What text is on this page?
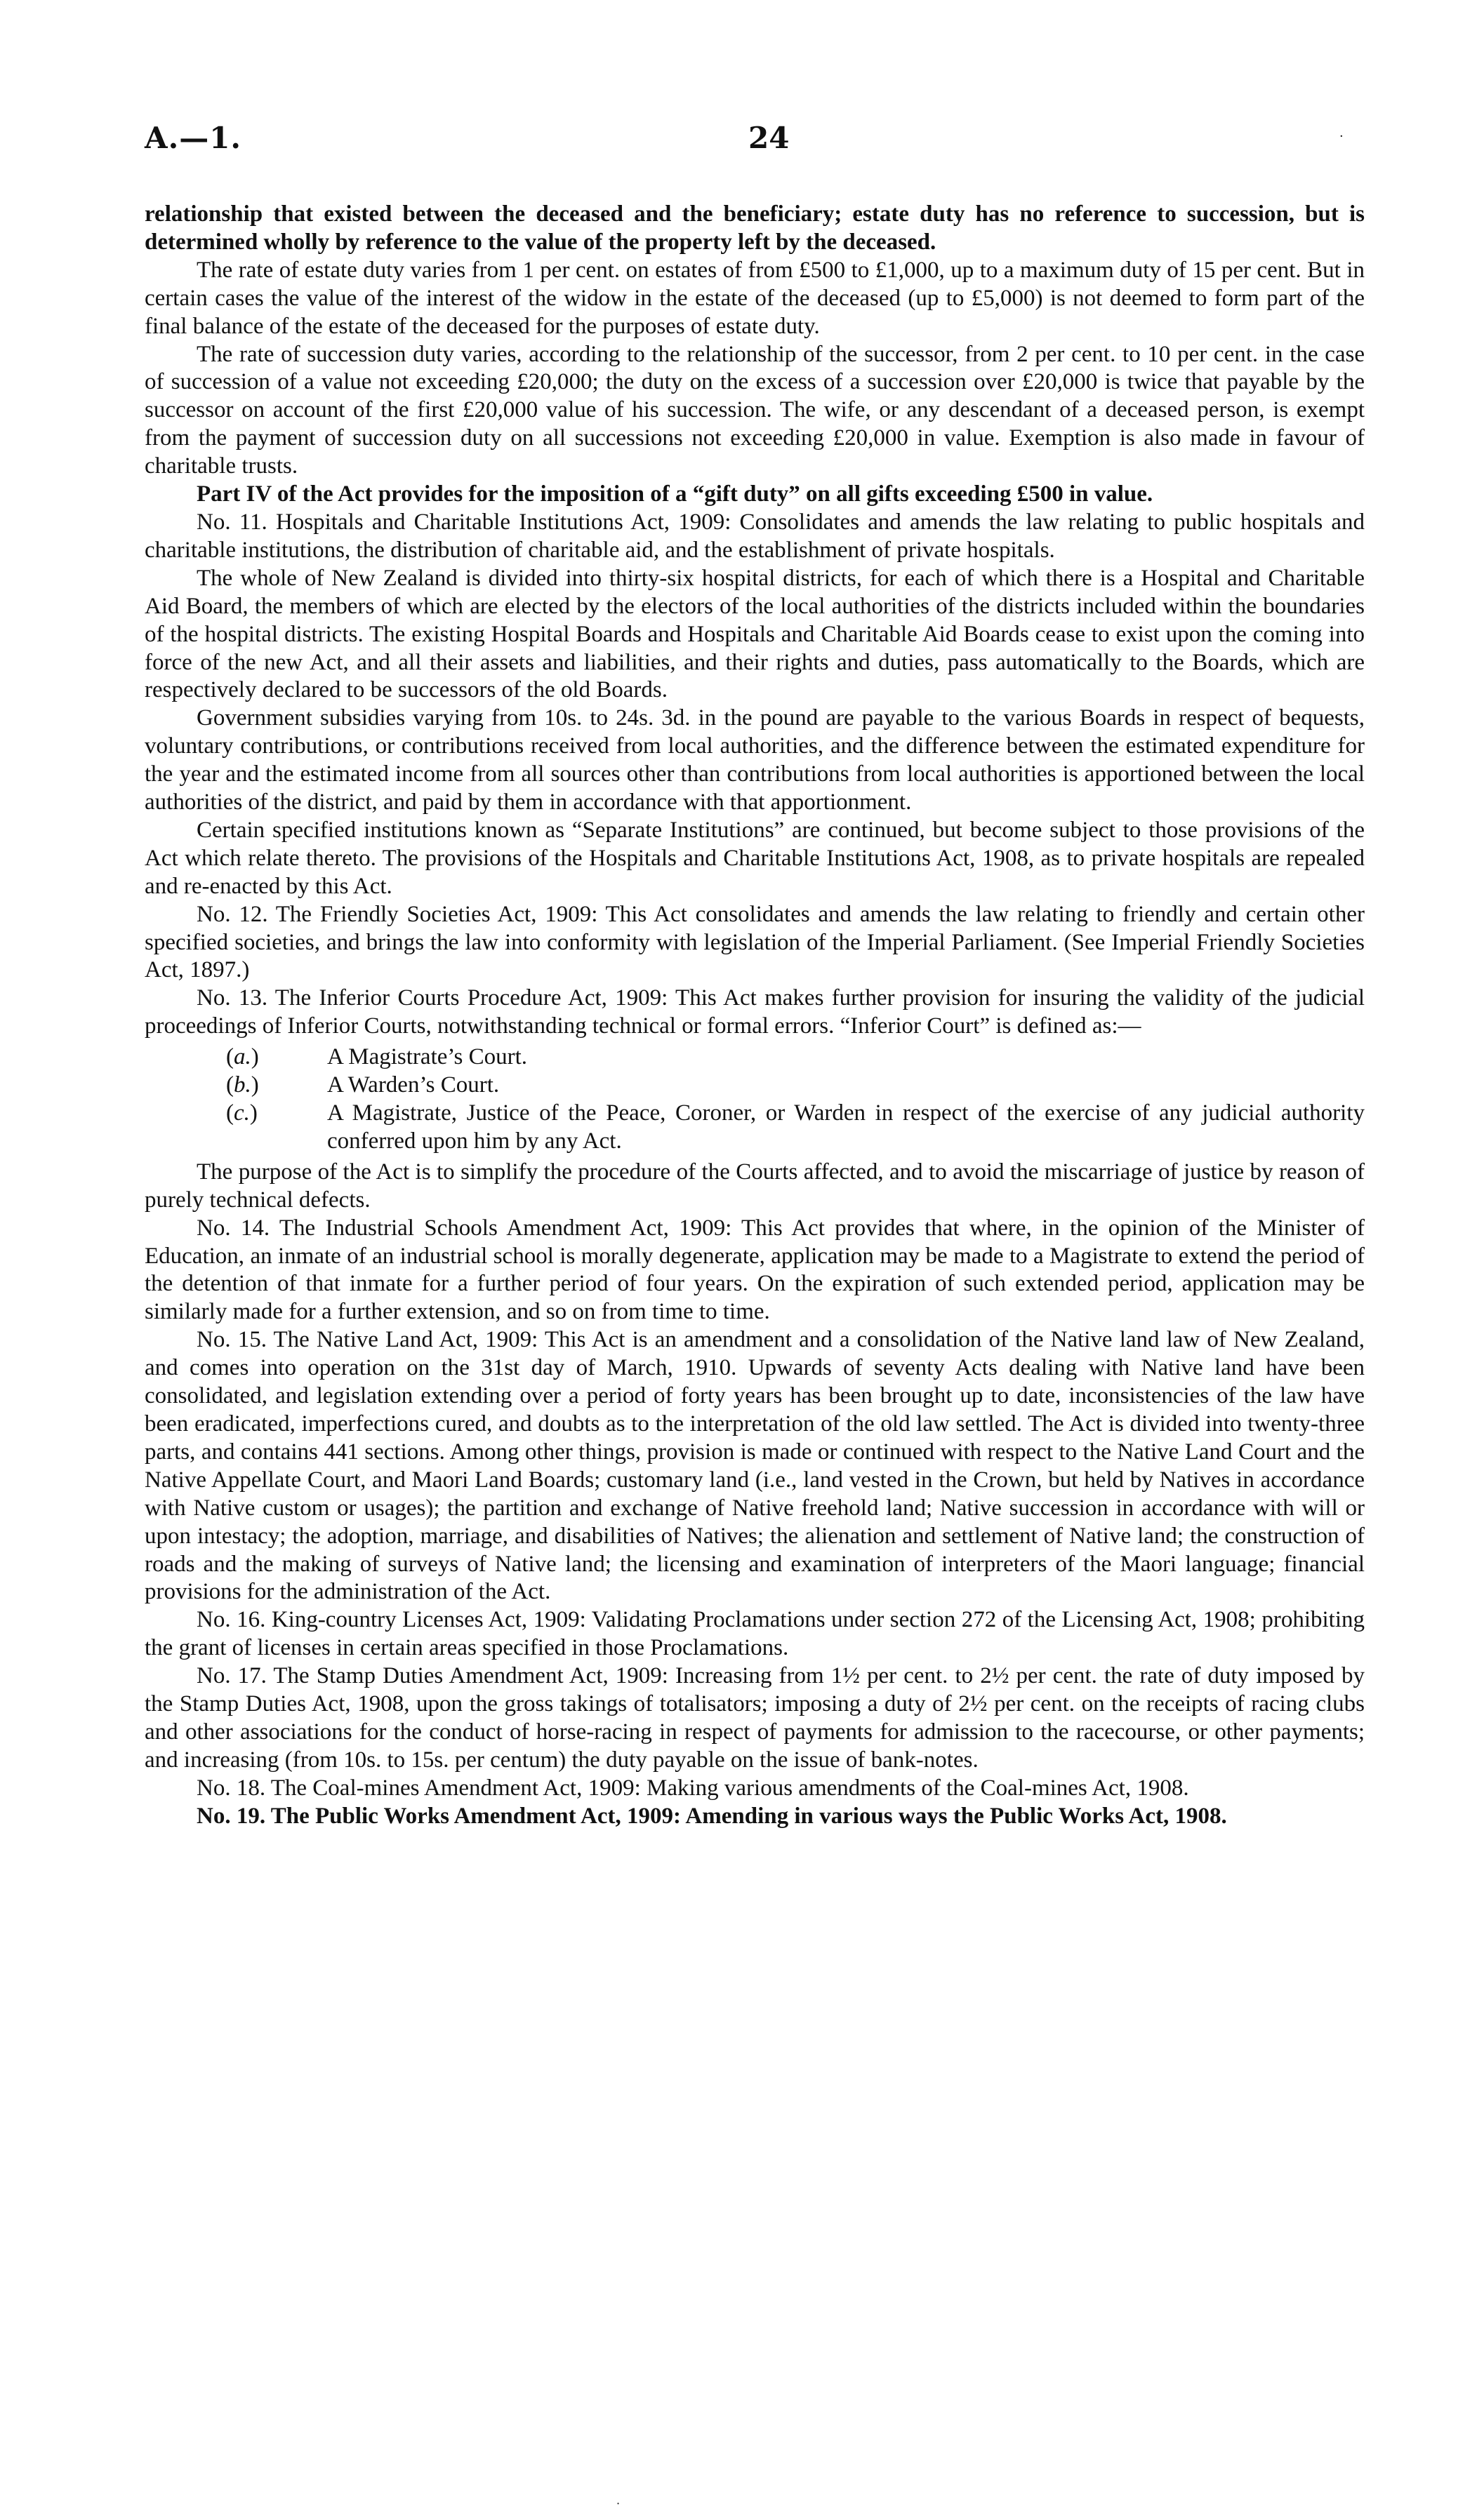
A.—1.	24	·

relationship that existed between the deceased and the beneficiary; estate duty has no reference to succession, but is determined wholly by reference to the value of the property left by the deceased.

The rate of estate duty varies from 1 per cent. on estates of from £500 to £1,000, up to a maximum duty of 15 per cent. But in certain cases the value of the interest of the widow in the estate of the deceased (up to £5,000) is not deemed to form part of the final balance of the estate of the deceased for the purposes of estate duty.

The rate of succession duty varies, according to the relationship of the successor, from 2 per cent. to 10 per cent. in the case of succession of a value not exceeding £20,000; the duty on the excess of a succession over £20,000 is twice that payable by the successor on account of the first £20,000 value of his succession. The wife, or any descendant of a deceased person, is exempt from the payment of succession duty on all successions not exceeding £20,000 in value. Exemption is also made in favour of charitable trusts.

Part IV of the Act provides for the imposition of a “gift duty” on all gifts exceeding £500 in value.

No. 11. Hospitals and Charitable Institutions Act, 1909: Consolidates and amends the law relating to public hospitals and charitable institutions, the distribution of charitable aid, and the establishment of private hospitals.

The whole of New Zealand is divided into thirty-six hospital districts, for each of which there is a Hospital and Charitable Aid Board, the members of which are elected by the electors of the local authorities of the districts included within the boundaries of the hospital districts. The existing Hospital Boards and Hospitals and Charitable Aid Boards cease to exist upon the coming into force of the new Act, and all their assets and liabilities, and their rights and duties, pass automatically to the Boards, which are respectively declared to be successors of the old Boards.

Government subsidies varying from 10s. to 24s. 3d. in the pound are payable to the various Boards in respect of bequests, voluntary contributions, or contributions received from local authorities, and the difference between the estimated expenditure for the year and the estimated income from all sources other than contributions from local authorities is apportioned between the local authorities of the district, and paid by them in accordance with that apportionment.

Certain specified institutions known as “Separate Institutions” are continued, but become subject to those provisions of the Act which relate thereto. The provisions of the Hospitals and Charitable Institutions Act, 1908, as to private hospitals are repealed and re-enacted by this Act.

No. 12. The Friendly Societies Act, 1909: This Act consolidates and amends the law relating to friendly and certain other specified societies, and brings the law into conformity with legislation of the Imperial Parliament. (See Imperial Friendly Societies Act, 1897.)

No. 13. The Inferior Courts Procedure Act, 1909: This Act makes further provision for insuring the validity of the judicial proceedings of Inferior Courts, notwithstanding technical or formal errors. “Inferior Court” is defined as:—

(a.)	A Magistrate’s Court.
(b.)	A Warden’s Court.
(c.)	A Magistrate, Justice of the Peace, Coroner, or Warden in respect of the exercise of any judicial authority conferred upon him by any Act.

The purpose of the Act is to simplify the procedure of the Courts affected, and to avoid the miscarriage of justice by reason of purely technical defects.

No. 14. The Industrial Schools Amendment Act, 1909: This Act provides that where, in the opinion of the Minister of Education, an inmate of an industrial school is morally degenerate, application may be made to a Magistrate to extend the period of the detention of that inmate for a further period of four years. On the expiration of such extended period, application may be similarly made for a further extension, and so on from time to time.

No. 15. The Native Land Act, 1909: This Act is an amendment and a consolidation of the Native land law of New Zealand, and comes into operation on the 31st day of March, 1910. Upwards of seventy Acts dealing with Native land have been consolidated, and legislation extending over a period of forty years has been brought up to date, inconsistencies of the law have been eradicated, imperfections cured, and doubts as to the interpretation of the old law settled. The Act is divided into twenty-three parts, and contains 441 sections. Among other things, provision is made or continued with respect to the Native Land Court and the Native Appellate Court, and Maori Land Boards; customary land (i.e., land vested in the Crown, but held by Natives in accordance with Native custom or usages); the partition and exchange of Native freehold land; Native succession in accordance with will or upon intestacy; the adoption, marriage, and disabilities of Natives; the alienation and settlement of Native land; the construction of roads and the making of surveys of Native land; the licensing and examination of interpreters of the Maori language; financial provisions for the administration of the Act.

No. 16. King-country Licenses Act, 1909: Validating Proclamations under section 272 of the Licensing Act, 1908; prohibiting the grant of licenses in certain areas specified in those Proclamations.

No. 17. The Stamp Duties Amendment Act, 1909: Increasing from 1½ per cent. to 2½ per cent. the rate of duty imposed by the Stamp Duties Act, 1908, upon the gross takings of totalisators; imposing a duty of 2½ per cent. on the receipts of racing clubs and other associations for the conduct of horse-racing in respect of payments for admission to the racecourse, or other payments; and increasing (from 10s. to 15s. per centum) the duty payable on the issue of bank-notes.

No. 18. The Coal-mines Amendment Act, 1909: Making various amendments of the Coal-mines Act, 1908.

No. 19. The Public Works Amendment Act, 1909: Amending in various ways the Public Works Act, 1908.

·
